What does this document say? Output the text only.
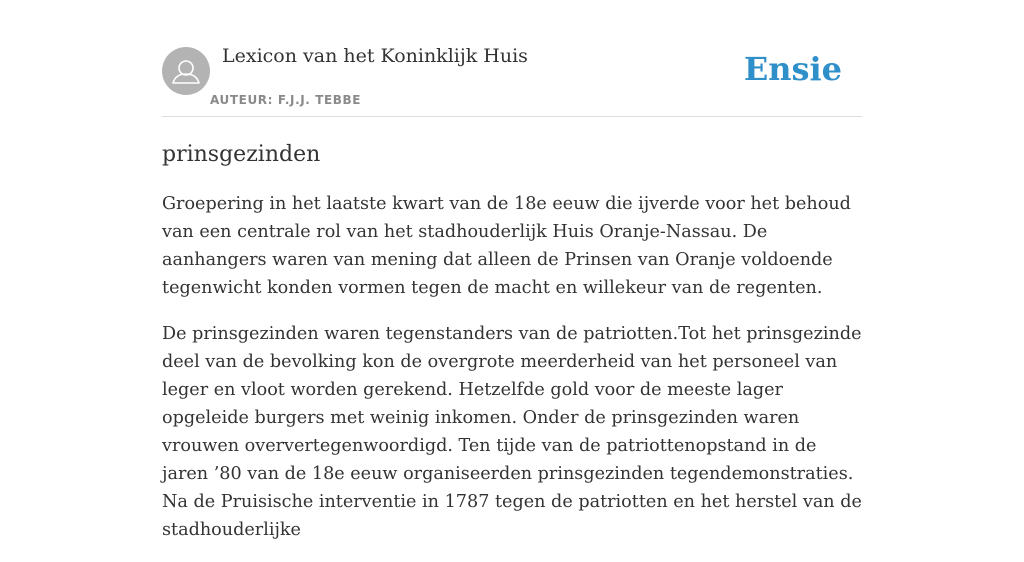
Lexicon van het Koninklijk Huis
AUTEUR: F.J.J. TEBBE
Ensie
prinsgezinden

Groepering in het laatste kwart van de 18e eeuw die ijverde voor het behoud van een centrale rol van het stadhouderlijk Huis Oranje-Nassau. De aanhangers waren van mening dat alleen de Prinsen van Oranje voldoende tegenwicht konden vormen tegen de macht en willekeur van de regenten.

De prinsgezinden waren tegenstanders van de patriotten.Tot het prinsgezinde deel van de bevolking kon de overgrote meerderheid van het personeel van leger en vloot worden gerekend. Hetzelfde gold voor de meeste lager opgeleide burgers met weinig inkomen. Onder de prinsgezinden waren vrouwen oververtegenwoordigd. Ten tijde van de patriottenopstand in de jaren ’80 van de 18e eeuw organiseerden prinsgezinden tegendemonstraties. Na de Pruisische interventie in 1787 tegen de patriotten en het herstel van de stadhouderlijke
